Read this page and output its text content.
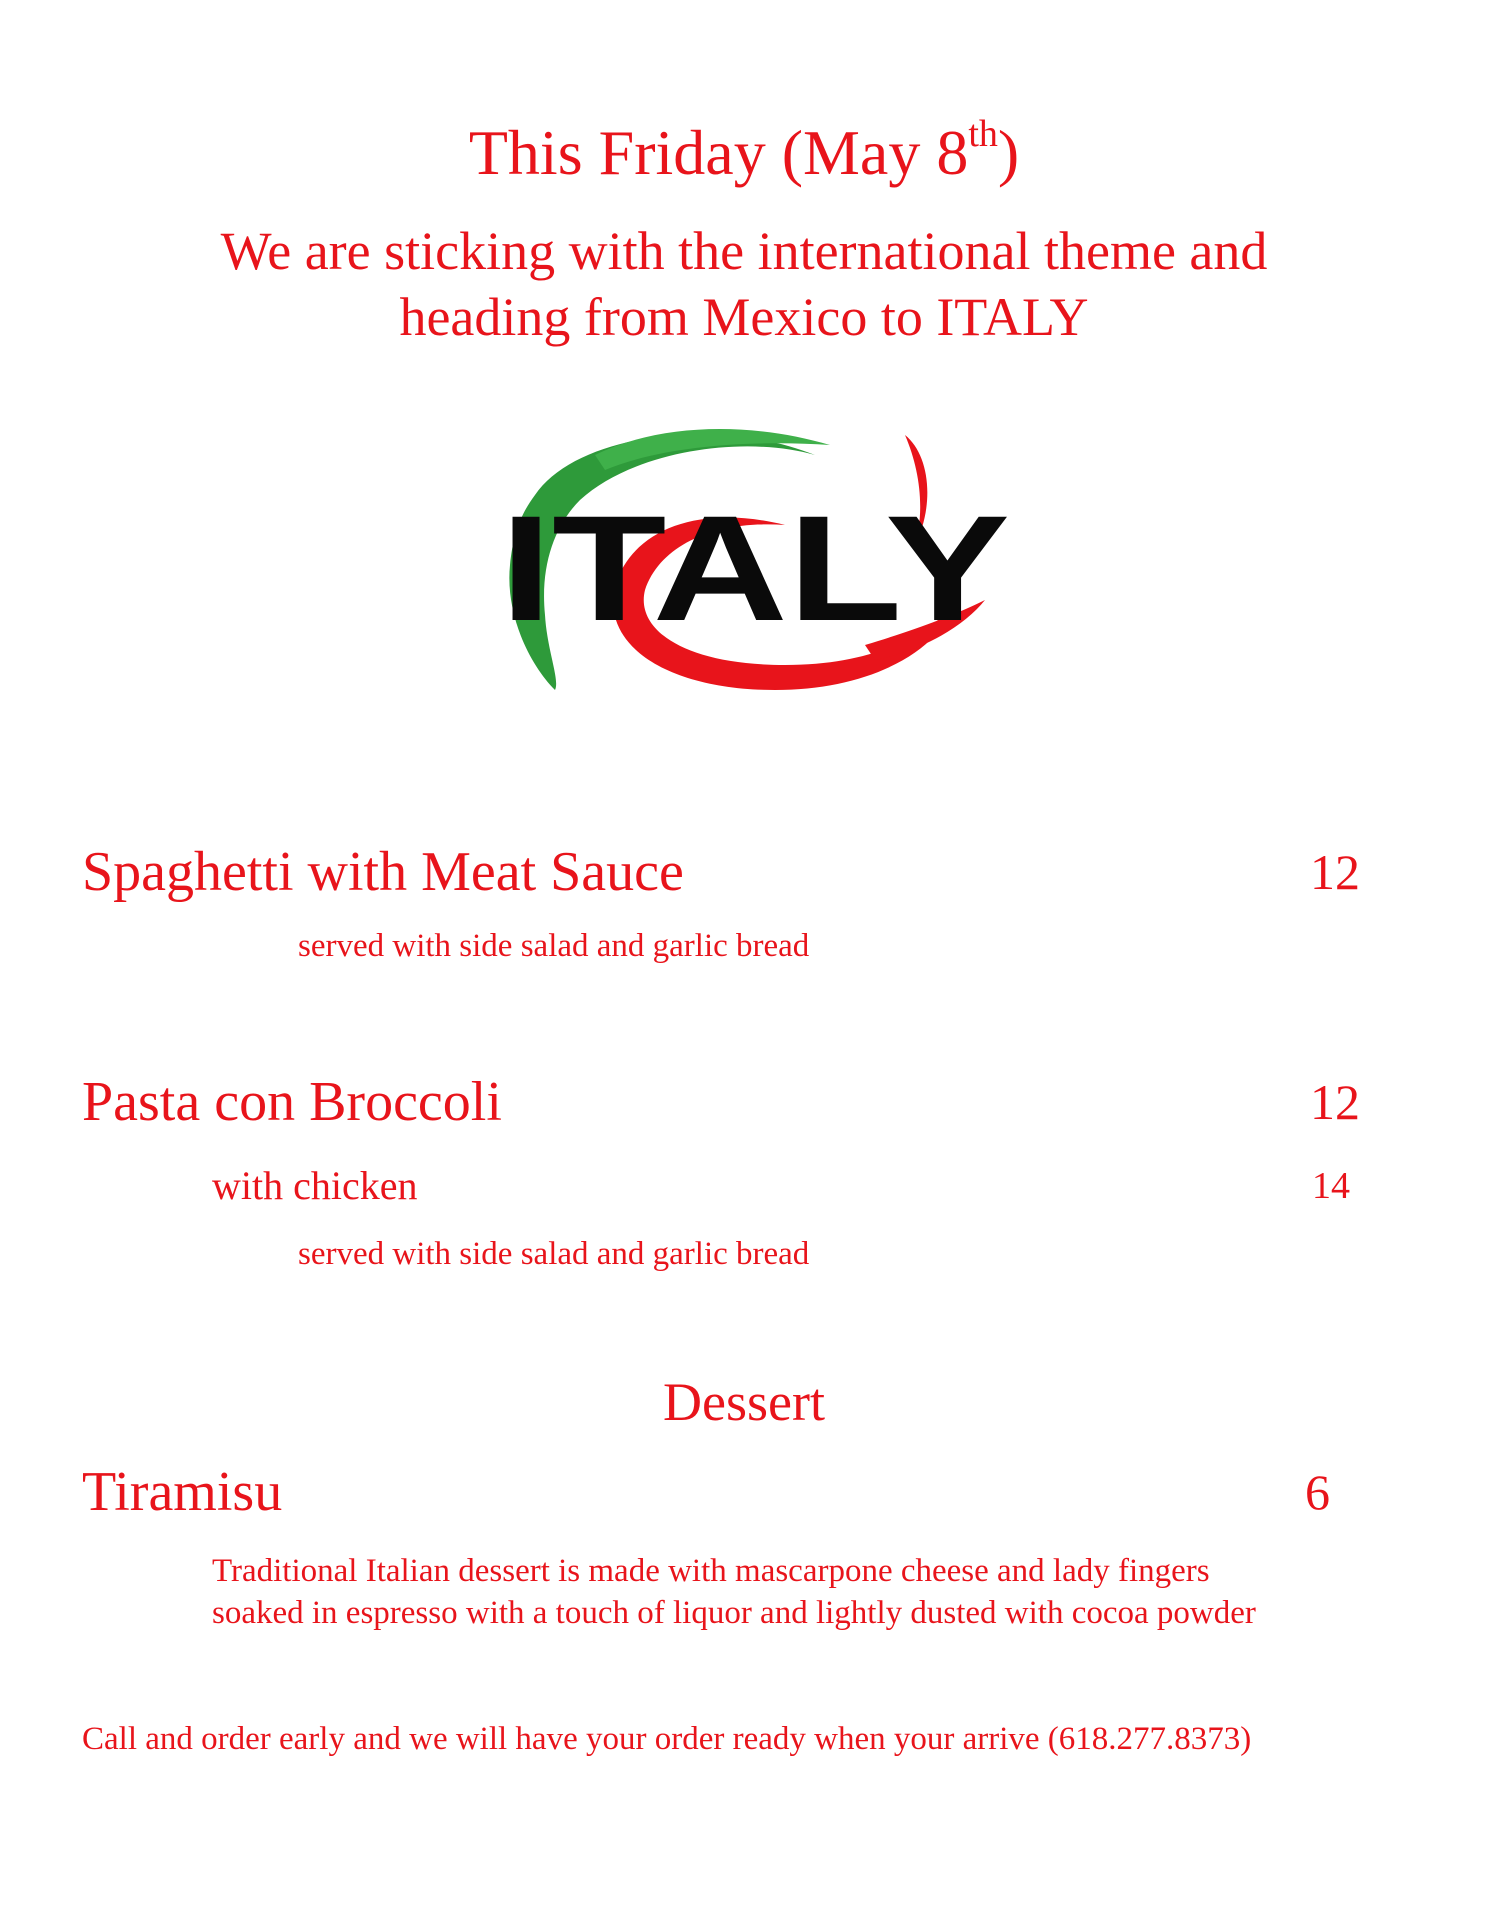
This Friday (May 8th)
We are sticking with the international theme and
heading from Mexico to ITALY
ITALY
Spaghetti with Meat Sauce	12
served with side salad and garlic bread
Pasta con Broccoli	12
with chicken	14
served with side salad and garlic bread
Dessert
Tiramisu	6
Traditional Italian dessert is made with mascarpone cheese and lady fingers
soaked in espresso with a touch of liquor and lightly dusted with cocoa powder
Call and order early and we will have your order ready when your arrive (618.277.8373)
